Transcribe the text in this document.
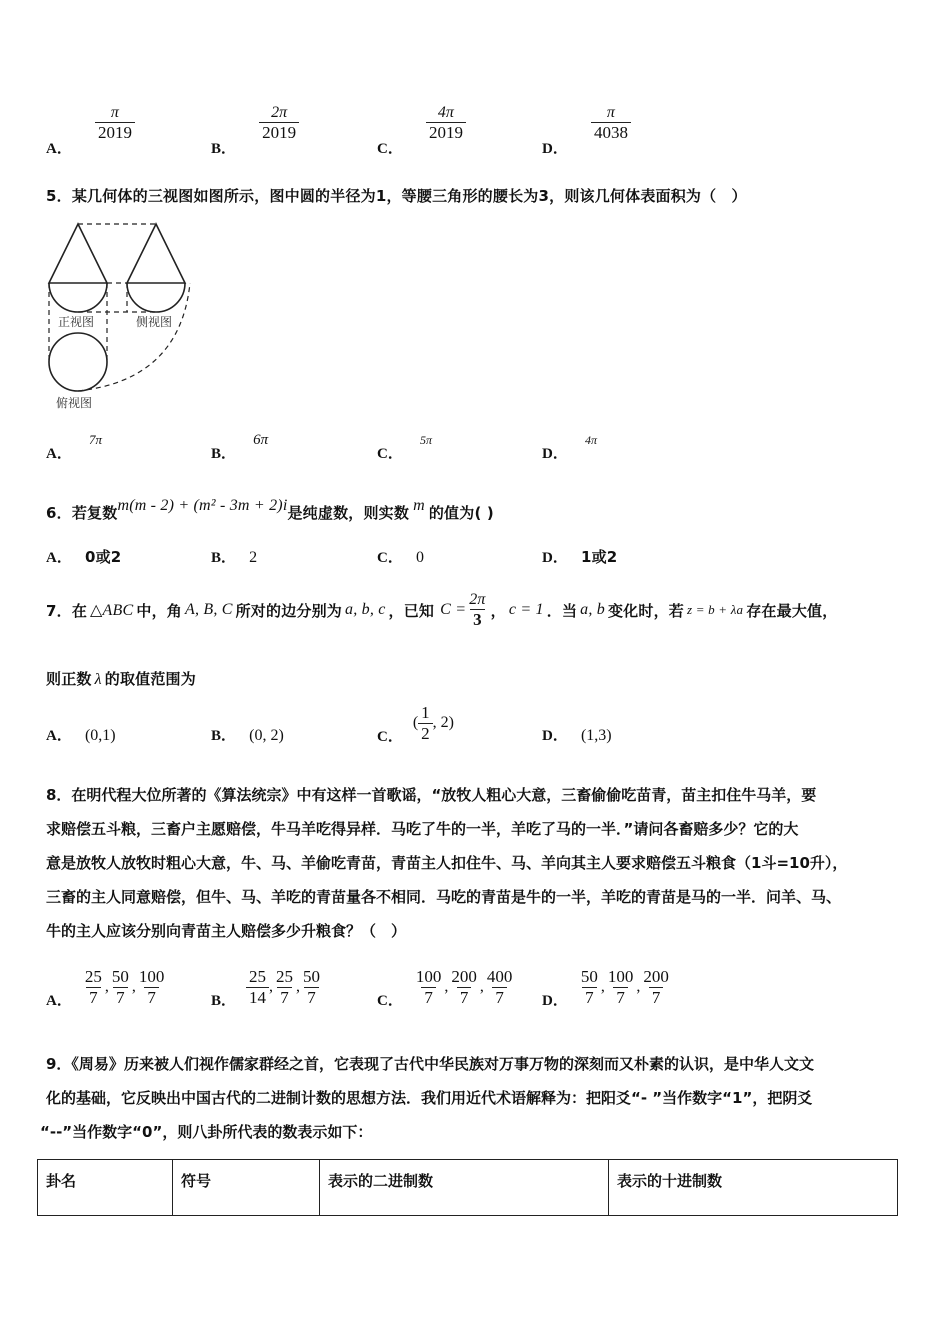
A．
$\frac{\pi}{2019}$
B．
$\frac{2\pi}{2019}$
C．
$\frac{4\pi}{2019}$
D．
$\frac{\pi}{4038}$
5．某几何体的三视图如图所示，图中圆的半径为1，等腰三角形的腰长为3，则该几何体表面积为（　）
正视图	侧视图
俯视图
A． 7π
B． 6π
C． 5π
D． 4π
6．若复数m(m - 2) + (m² - 3m + 2)i是纯虚数，则实数 m 的值为( )
A． 0或2	B． 2	C． 0	D． 1或2
7．在 △ABC 中，角 A, B, C 所对的边分别为 a, b, c ，已知 $C = \frac{2\pi}{3}$ ， c = 1 ．当 a, b 变化时，若 z = b + λa 存在最大值，
则正数 λ 的取值范围为
A． (0,1)	B． (0, 2)	C．
( $\frac{1}{2}$ , 2)
D． (1,3)
8．在明代程大位所著的《算法统宗》中有这样一首歌谣，“放牧人粗心大意，三畜偷偷吃苗青，苗主扣住牛马羊，要
求赔偿五斗粮，三畜户主愿赔偿，牛马羊吃得异样．马吃了牛的一半，羊吃了马的一半．”请问各畜赔多少？它的大
意是放牧人放牧时粗心大意，牛、马、羊偷吃青苗，青苗主人扣住牛、马、羊向其主人要求赔偿五斗粮食（1斗=10升），
三畜的主人同意赔偿，但牛、马、羊吃的青苗量各不相同．马吃的青苗是牛的一半，羊吃的青苗是马的一半．问羊、马、
牛的主人应该分别向青苗主人赔偿多少升粮食？（　）
A． $\frac{25}{7}$ , $\frac{50}{7}$ , $\frac{100}{7}$	B． $\frac{25}{14}$ , $\frac{25}{7}$ , $\frac{50}{7}$	C． $\frac{100}{7}$ , $\frac{200}{7}$ , $\frac{400}{7}$ D． $\frac{50}{7}$ , $\frac{100}{7}$ , $\frac{200}{7}$
9．《周易》历来被人们视作儒家群经之首，它表现了古代中华民族对万事万物的深刻而又朴素的认识，是中华人文文
化的基础，它反映出中国古代的二进制计数的思想方法．我们用近代术语解释为：把阳爻“- ”当作数字“1”，把阴爻
“--”当作数字“0”，则八卦所代表的数表示如下：
卦名	符号	表示的二进制数	表示的十进制数
